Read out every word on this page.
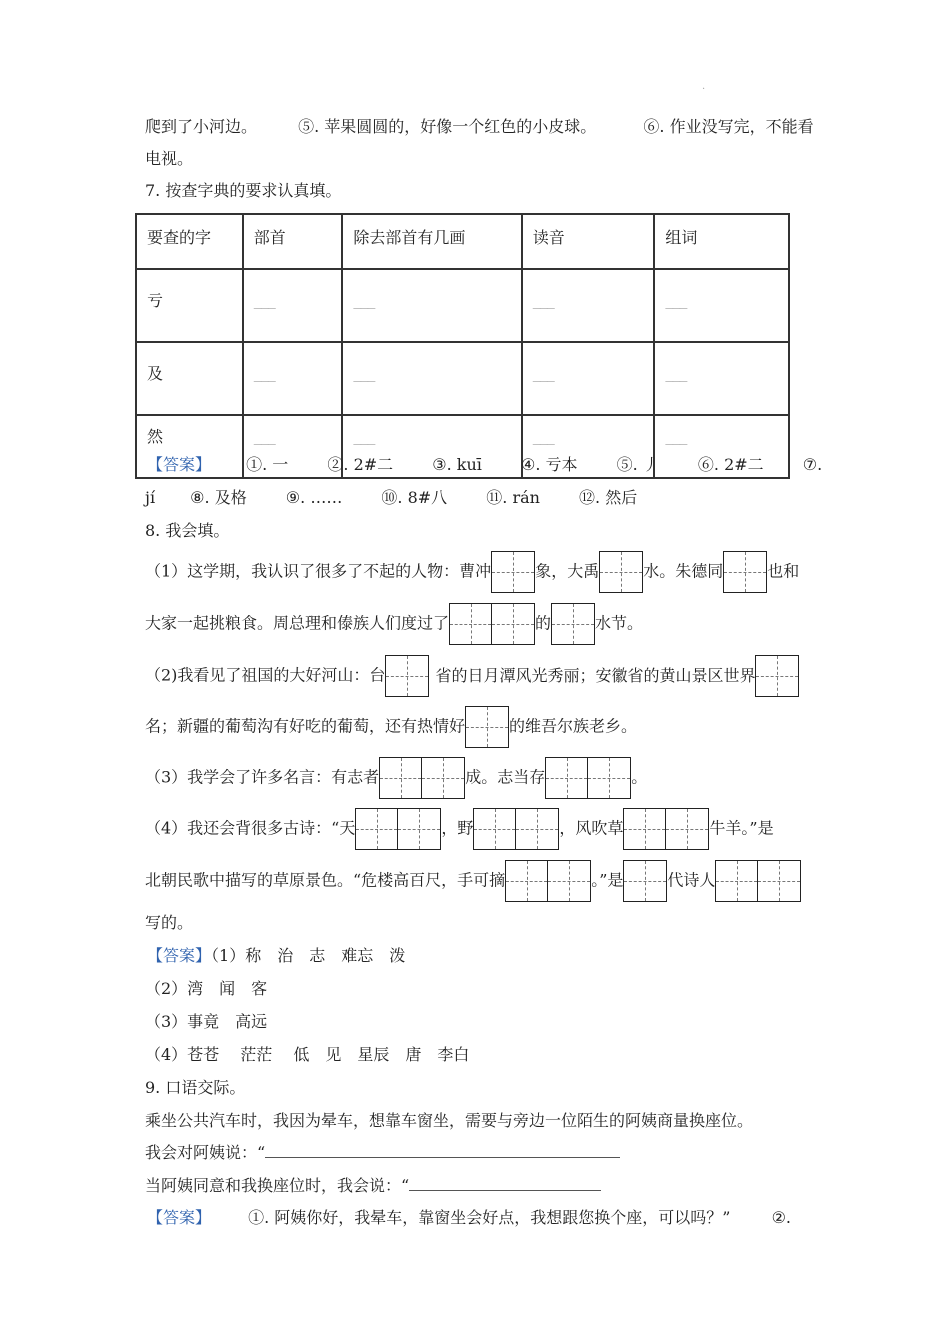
·
爬到了小河边。	⑤. 苹果圆圆的，好像一个红色的小皮球。	⑥. 作业没写完，不能看
电视。
7. 按查字典的要求认真填。
要查的字	部首	除去部首有几画	读音	组词
亏	___	___	___	___
及	___	___	___	___
然	___	___	___	___
【答案】 ①. 一 ②. 2#二 ③. kuī ④. 亏本 ⑤. 丿 ⑥. 2#二 ⑦.
jí ⑧. 及格 ⑨. …… ⑩. 8#八 ⑪. rán ⑫. 然后
8. 我会填。
（1）这学期，我认识了很多了不起的人物：曹冲	象，大禹	水。朱德同	也和
大家一起挑粮食。周总理和傣族人们度过了	的	水节。
（2)我看见了祖国的大好河山：台	省的日月潭风光秀丽；安徽省的黄山景区世界
名；新疆的葡萄沟有好吃的葡萄，还有热情好	的维吾尔族老乡。
（3）我学会了许多名言：有志者	成。志当存	。
（4）我还会背很多古诗：“天	，野	，风吹草	牛羊。”是
北朝民歌中描写的草原景色。“危楼高百尺，手可摘	。”是	代诗人
写的。
【答案】（1）称　治　志　难忘　泼
（2）湾　闻　客
（3）事竟　高远
（4）苍苍　 茫茫　 低　见　星辰　唐　李白
9. 口语交际。
乘坐公共汽车时，我因为晕车，想靠车窗坐，需要与旁边一位陌生的阿姨商量换座位。
我会对阿姨说：“
当阿姨同意和我换座位时，我会说：“
【答案】 ①. 阿姨你好，我晕车，靠窗坐会好点，我想跟您换个座，可以吗？”	②.
